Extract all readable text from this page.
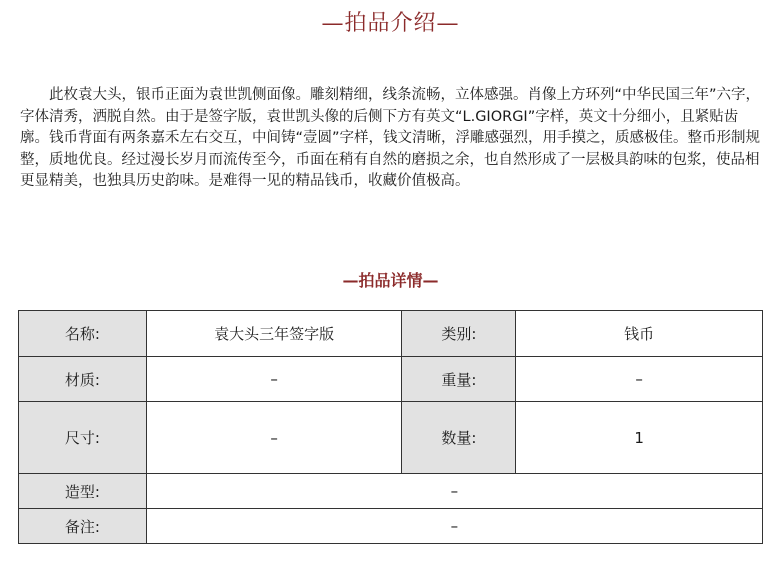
—拍品介绍—

此枚袁大头，银币正面为袁世凯侧面像。雕刻精细，线条流畅，立体感强。肖像上方环列“中华民国三年”六字，字体清秀，洒脱自然。由于是签字版，袁世凯头像的后侧下方有英文“L.GIORGI”字样，英文十分细小，且紧贴齿廓。钱币背面有两条嘉禾左右交互，中间铸“壹圆”字样，钱文清晰，浮雕感强烈，用手摸之，质感极佳。整币形制规整，质地优良。经过漫长岁月而流传至今，币面在稍有自然的磨损之余，也自然形成了一层极具韵味的包浆，使品相更显精美，也独具历史韵味。是难得一见的精品钱币，收藏价值极高。

—拍品详情—
名称:	袁大头三年签字版	类别:	钱币
材质:	–	重量:	–
尺寸:	–	数量:	1
造型:	–		
备注:	–		
